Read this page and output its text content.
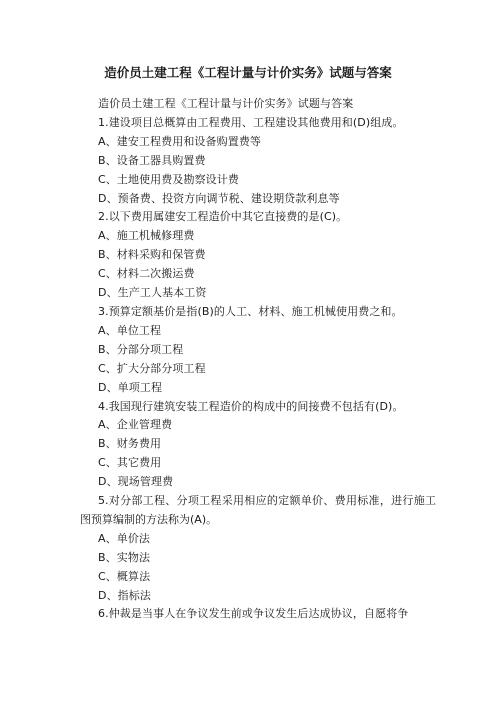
造价员土建工程《工程计量与计价实务》试题与答案
造价员土建工程《工程计量与计价实务》试题与答案
1.建设项目总概算由工程费用、工程建设其他费用和(D)组成。
A、建安工程费用和设备购置费等
B、设备工器具购置费
C、土地使用费及勘察设计费
D、预备费、投资方向调节税、建设期贷款利息等
2.以下费用属建安工程造价中其它直接费的是(C)。
A、施工机械修理费
B、材料采购和保管费
C、材料二次搬运费
D、生产工人基本工资
3.预算定额基价是指(B)的人工、材料、施工机械使用费之和。
A、单位工程
B、分部分项工程
C、扩大分部分项工程
D、单项工程
4.我国现行建筑安装工程造价的构成中的间接费不包括有(D)。
A、企业管理费
B、财务费用
C、其它费用
D、现场管理费
5.对分部工程、分项工程采用相应的定额单价、费用标准，进行施工图预算编制的方法称为(A)。
A、单价法
B、实物法
C、概算法
D、指标法
6.仲裁是当事人在争议发生前或争议发生后达成协议，自愿将争
